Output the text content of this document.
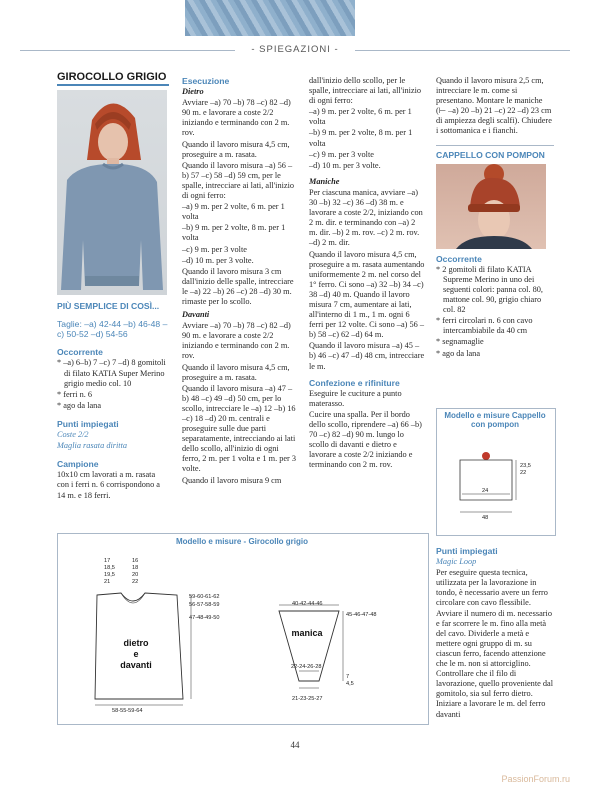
- SPIEGAZIONI -
GIROCOLLO GRIGIO

PIÙ SEMPLICE DI COSÌ...

Taglie: –a) 42-44 –b) 46-48 –c) 50-52 –d) 54-56

Occorrente

* –a) 6–b) 7 –c) 7 –d) 8 gomitoli di filato KATIA Super Merino grigio medio col. 10

* ferri n. 6

* ago da lana

Punti impiegati

Coste 2/2

Maglia rasata diritta

Campione

10x10 cm lavorati a m. rasata con i ferri n. 6 corrispondono a 14 m. e 18 ferri.

Esecuzione

Dietro

Avviare –a) 70 –b) 78 –c) 82 –d) 90 m. e lavorare a coste 2/2 iniziando e terminando con 2 m. rov.

Quando il lavoro misura 4,5 cm, proseguire a m. rasata.

Quando il lavoro misura –a) 56 –b) 57 –c) 58 –d) 59 cm, per le spalle, intrecciare ai lati, all'inizio di ogni ferro:

–a) 9 m. per 2 volte, 6 m. per 1 volta

–b) 9 m. per 2 volte, 8 m. per 1 volta

–c) 9 m. per 3 volte

–d) 10 m. per 3 volte.

Quando il lavoro misura 3 cm dall'inizio delle spalle, intrecciare le –a) 22 –b) 26 –c) 28 –d) 30 m. rimaste per lo scollo.

Davanti

Avviare –a) 70 –b) 78 –c) 82 –d) 90 m. e lavorare a coste 2/2 iniziando e terminando con 2 m. rov.

Quando il lavoro misura 4,5 cm, proseguire a m. rasata.

Quando il lavoro misura –a) 47 –b) 48 –c) 49 –d) 50 cm, per lo scollo, intrecciare le –a) 12 –b) 16 –c) 18 –d) 20 m. centrali e proseguire sulle due parti separatamente, intrecciando ai lati dello scollo, all'inizio di ogni ferro, 2 m. per 1 volta e 1 m. per 3 volte.

Quando il lavoro misura 9 cm

dall'inizio dello scollo, per le spalle, intrecciare ai lati, all'inizio di ogni ferro:

–a) 9 m. per 2 volte, 6 m. per 1 volta

–b) 9 m. per 2 volte, 8 m. per 1 volta

–c) 9 m. per 3 volte

–d) 10 m. per 3 volte.

Maniche

Per ciascuna manica, avviare –a) 30 –b) 32 –c) 36 –d) 38 m. e lavorare a coste 2/2, iniziando con 2 m. dir. e terminando con –a) 2 m. dir. –b) 2 m. rov. –c) 2 m. rov. –d) 2 m. dir.

Quando il lavoro misura 4,5 cm, proseguire a m. rasata aumentando uniformemente 2 m. nel corso del 1° ferro. Ci sono –a) 32 –b) 34 –c) 38 –d) 40 m. Quando il lavoro misura 7 cm, aumentare ai lati, all'interno di 1 m., 1 m. ogni 6 ferri per 12 volte. Ci sono –a) 56 –b) 58 –c) 62 –d) 64 m.

Quando il lavoro misura –a) 45 –b) 46 –c) 47 –d) 48 cm, intrecciare le m.

Confezione e rifiniture

Eseguire le cuciture a punto materasso.

Cucire una spalla. Per il bordo dello scollo, riprendere –a) 66 –b) 70 –c) 82 –d) 90 m. lungo lo scollo di davanti e dietro e lavorare a coste 2/2 iniziando e terminando con 2 m. rov.

Quando il lavoro misura 2,5 cm, intrecciare le m. come si presentano. Montare le maniche (⊢ –a) 20 –b) 21 –c) 22 –d) 23 cm di ampiezza degli scalfi). Chiudere i sottomanica e i fianchi.

CAPPELLO CON POMPON

Occorrente

* 2 gomitoli di filato KATIA Supreme Merino in uno dei seguenti colori: panna col. 80, mattone col. 90, grigio chiaro col. 82

* ferri circolari n. 6 con cavo intercambiabile da 40 cm

* segnamaglie

* ago da lana

Modello e misure Cappello con pompon
23,5
22
24
48

Punti impiegati

Magic Loop

Per eseguire questa tecnica, utilizzata per la lavorazione in tondo, è necessario avere un ferro circolare con cavo flessibile. Avviare il numero di m. necessario e far scorrere le m. fino alla metà del cavo. Dividerle a metà e mettere ogni gruppo di m. su ciascun ferro, facendo attenzione che le m. non si attorciglino. Controllare che il filo di lavorazione, quello proveniente dal gomitolo, sia sul ferro dietro. Iniziare a lavorare le m. del ferro davanti

Modello e misure - Girocollo grigio
17
18,5
19,5
21
16
18
20
22
59-60-61-62
56-57-58-59
47-48-49-50
dietro
e
davanti
58-55-59-64
40-42-44-46
manica
45-46-47-48
22-24-26-28
7
4,5
21-23-25-27
44
PassionForum.ru
